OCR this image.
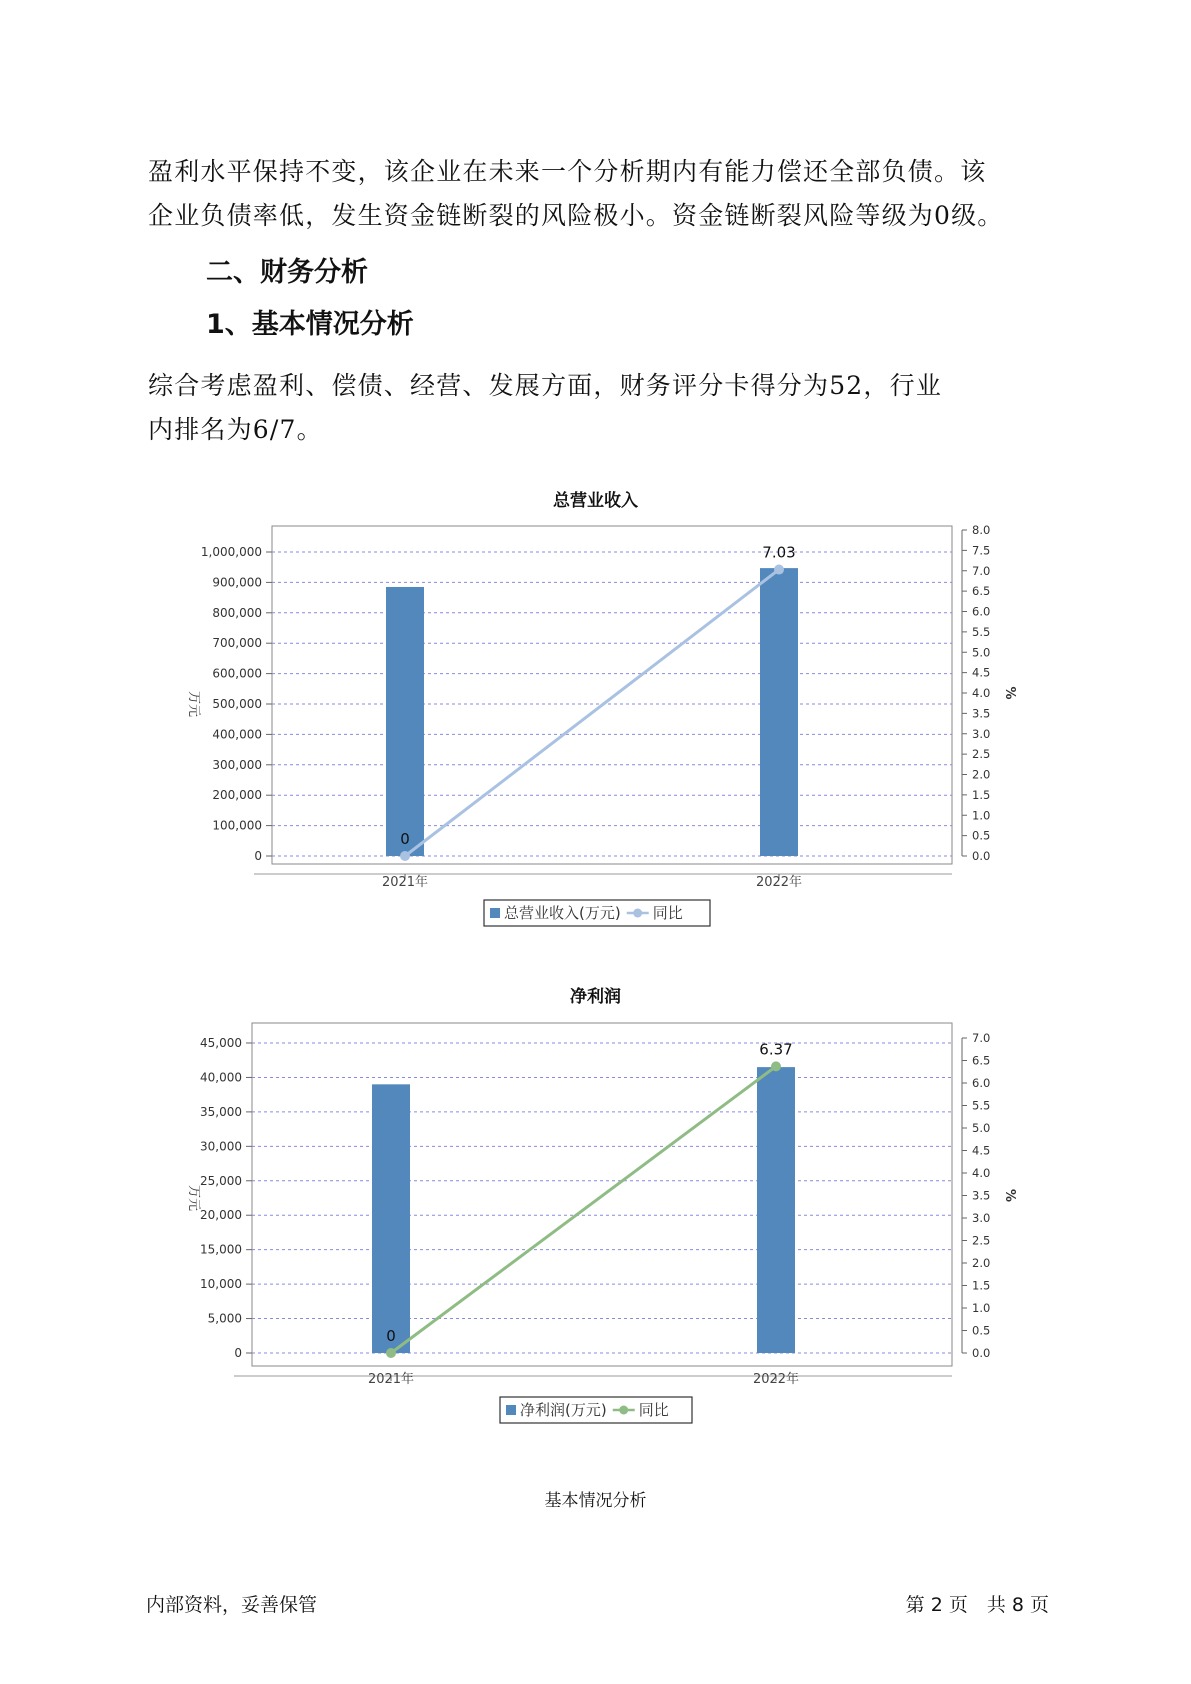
盈利水平保持不变，该企业在未来一个分析期内有能力偿还全部负债。该

企业负债率低，发生资金链断裂的风险极小。资金链断裂风险等级为0级。

二、财务分析
1、基本情况分析

综合考虑盈利、偿债、经营、发展方面，财务评分卡得分为52，行业

内排名为6/7。

总营业收入
0
100,000
200,000
300,000
400,000
500,000
600,000
700,000
800,000
900,000
1,000,000
0.0
0.5
1.0
1.5
2.0
2.5
3.0
3.5
4.0
4.5
5.0
5.5
6.0
6.5
7.0
7.5
8.0
万元	%
2021年	2022年
0
7.03
总营业收入(万元) 同比
净利润
0
5,000
10,000
15,000
20,000
25,000
30,000
35,000
40,000
45,000
0.0
0.5
1.0
1.5
2.0
2.5
3.0
3.5
4.0
4.5
5.0
5.5
6.0
6.5
7.0
万元	%
2021年	2022年
0
6.37
净利润(万元) 同比
基本情况分析
内部资料，妥善保管	第 2 页　共 8 页
